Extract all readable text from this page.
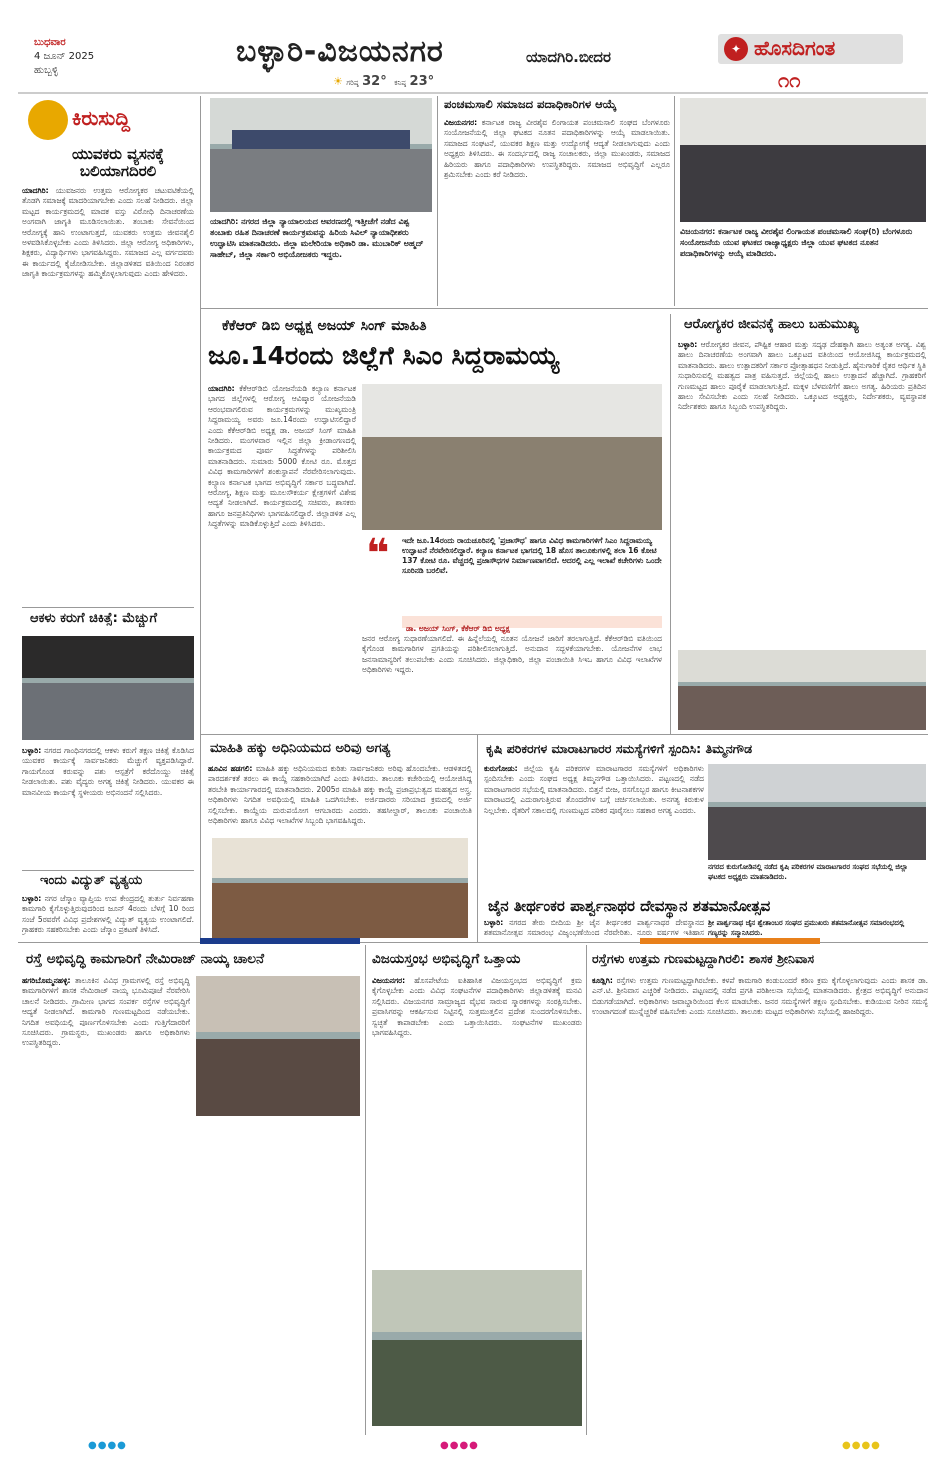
ಬುಧವಾರ
4 ಜೂನ್ 2025
ಹುಬ್ಬಳ್ಳಿ
ಬಳ್ಳಾರಿ-ವಿಜಯನಗರ	ಯಾದಗಿರಿ.ಬೀದರ
☀ ಗರಿಷ್ಠ 32° ಕನಿಷ್ಠ 23°
✦ ಹೊಸದಿಗಂತ
೧೧
ಕಿರುಸುದ್ದಿ
ಯುವಕರು ವ್ಯಸನಕ್ಕೆ ಬಲಿಯಾಗದಿರಲಿ
ಯಾದಗಿರಿ: ಯುವಜನರು ಉತ್ತಮ ಆರೋಗ್ಯಕರ ಚಟುವಟಿಕೆಯಲ್ಲಿ ತೊಡಗಿ ಸಮಾಜಕ್ಕೆ ಮಾದರಿಯಾಗಬೇಕು ಎಂದು ಸಲಹೆ ನೀಡಿದರು. ಜಿಲ್ಲಾ ಮಟ್ಟದ ಕಾರ್ಯಕ್ರಮದಲ್ಲಿ ಮಾದಕ ವಸ್ತು ವಿರೋಧಿ ದಿನಾಚರಣೆಯ ಅಂಗವಾಗಿ ಜಾಗೃತಿ ಮೂಡಿಸಲಾಯಿತು. ತಂಬಾಕು ಸೇವನೆಯಿಂದ ಆರೋಗ್ಯಕ್ಕೆ ಹಾನಿ ಉಂಟಾಗುತ್ತದೆ, ಯುವಕರು ಉತ್ತಮ ಜೀವನಶೈಲಿ ಅಳವಡಿಸಿಕೊಳ್ಳಬೇಕು ಎಂದು ತಿಳಿಸಿದರು. ಜಿಲ್ಲಾ ಆರೋಗ್ಯ ಅಧಿಕಾರಿಗಳು, ಶಿಕ್ಷಕರು, ವಿದ್ಯಾರ್ಥಿಗಳು ಭಾಗವಹಿಸಿದ್ದರು. ಸಮಾಜದ ಎಲ್ಲ ವರ್ಗದವರು ಈ ಕಾರ್ಯದಲ್ಲಿ ಕೈಜೋಡಿಸಬೇಕು. ಜಿಲ್ಲಾಡಳಿತದ ವತಿಯಿಂದ ನಿರಂತರ ಜಾಗೃತಿ ಕಾರ್ಯಕ್ರಮಗಳನ್ನು ಹಮ್ಮಿಕೊಳ್ಳಲಾಗುವುದು ಎಂದು ಹೇಳಿದರು.
ಆಕಳು ಕರುಗೆ ಚಿಕಿತ್ಸೆ: ಮೆಚ್ಚುಗೆ
ಬಳ್ಳಾರಿ: ನಗರದ ಗಾಂಧಿನಗರದಲ್ಲಿ ಆಕಳು ಕರುಗೆ ತಕ್ಷಣ ಚಿಕಿತ್ಸೆ ಕೊಡಿಸಿದ ಯುವಕರ ಕಾರ್ಯಕ್ಕೆ ಸಾರ್ವಜನಿಕರು ಮೆಚ್ಚುಗೆ ವ್ಯಕ್ತಪಡಿಸಿದ್ದಾರೆ. ಗಾಯಗೊಂಡ ಕರುವನ್ನು ಪಶು ಆಸ್ಪತ್ರೆಗೆ ಕರೆದೊಯ್ದು ಚಿಕಿತ್ಸೆ ನೀಡಲಾಯಿತು. ಪಶು ವೈದ್ಯರು ಅಗತ್ಯ ಚಿಕಿತ್ಸೆ ನೀಡಿದರು. ಯುವಕರ ಈ ಮಾನವೀಯ ಕಾರ್ಯಕ್ಕೆ ಸ್ಥಳೀಯರು ಅಭಿನಂದನೆ ಸಲ್ಲಿಸಿದರು.
ಇಂದು ವಿದ್ಯುತ್ ವ್ಯತ್ಯಯ
ಬಳ್ಳಾರಿ: ನಗರ ಜೆಸ್ಕಾಂ ವ್ಯಾಪ್ತಿಯ ಉಪ ಕೇಂದ್ರದಲ್ಲಿ ತುರ್ತು ನಿರ್ವಹಣಾ ಕಾಮಗಾರಿ ಕೈಗೊಳ್ಳುತ್ತಿರುವುದರಿಂದ ಜೂನ್ 4ರಂದು ಬೆಳಗ್ಗೆ 10 ರಿಂದ ಸಂಜೆ 5ರವರೆಗೆ ವಿವಿಧ ಪ್ರದೇಶಗಳಲ್ಲಿ ವಿದ್ಯುತ್ ವ್ಯತ್ಯಯ ಉಂಟಾಗಲಿದೆ. ಗ್ರಾಹಕರು ಸಹಕರಿಸಬೇಕು ಎಂದು ಜೆಸ್ಕಾಂ ಪ್ರಕಟಣೆ ತಿಳಿಸಿದೆ.
ಯಾದಗಿರಿ: ನಗರದ ಜಿಲ್ಲಾ ನ್ಯಾಯಾಲಯದ ಆವರಣದಲ್ಲಿ ಇತ್ತೀಚೆಗೆ ನಡೆದ ವಿಶ್ವ ತಂಬಾಕು ರಹಿತ ದಿನಾಚರಣೆ ಕಾರ್ಯಕ್ರಮವನ್ನು ಹಿರಿಯ ಸಿವಿಲ್ ನ್ಯಾಯಾಧೀಶರು ಉದ್ಘಾಟಿಸಿ ಮಾತನಾಡಿದರು. ಜಿಲ್ಲಾ ಮಲೇರಿಯಾ ಅಧಿಕಾರಿ ಡಾ. ಮುಬಾರಿಕ್ ಅಹ್ಮದ್ ಸಾಹೇಬ್, ಜಿಲ್ಲಾ ಸರ್ಕಾರಿ ಅಭಿಯೋಜಕರು ಇದ್ದರು.
ಪಂಚಮಸಾಲಿ ಸಮಾಜದ ಪದಾಧಿಕಾರಿಗಳ ಆಯ್ಕೆ
ವಿಜಯನಗರ: ಕರ್ನಾಟಕ ರಾಜ್ಯ ವೀರಶೈವ ಲಿಂಗಾಯತ ಪಂಚಮಸಾಲಿ ಸಂಘದ ಬೆಂಗಳೂರು ಸಂಯೋಜನೆಯಲ್ಲಿ ಜಿಲ್ಲಾ ಘಟಕದ ನೂತನ ಪದಾಧಿಕಾರಿಗಳನ್ನು ಆಯ್ಕೆ ಮಾಡಲಾಯಿತು. ಸಮಾಜದ ಸಂಘಟನೆ, ಯುವಕರ ಶಿಕ್ಷಣ ಮತ್ತು ಉದ್ಯೋಗಕ್ಕೆ ಆದ್ಯತೆ ನೀಡಲಾಗುವುದು ಎಂದು ಅಧ್ಯಕ್ಷರು ತಿಳಿಸಿದರು. ಈ ಸಂದರ್ಭದಲ್ಲಿ ರಾಜ್ಯ ಸಂಚಾಲಕರು, ಜಿಲ್ಲಾ ಮುಖಂಡರು, ಸಮಾಜದ ಹಿರಿಯರು ಹಾಗೂ ಪದಾಧಿಕಾರಿಗಳು ಉಪಸ್ಥಿತರಿದ್ದರು. ಸಮಾಜದ ಅಭಿವೃದ್ಧಿಗೆ ಎಲ್ಲರೂ ಶ್ರಮಿಸಬೇಕು ಎಂದು ಕರೆ ನೀಡಿದರು.
ವಿಜಯನಗರ: ಕರ್ನಾಟಕ ರಾಜ್ಯ ವೀರಶೈವ ಲಿಂಗಾಯತ ಪಂಚಮಸಾಲಿ ಸಂಘ(ರಿ) ಬೆಂಗಳೂರು ಸಂಯೋಜನೆಯ ಯುವ ಘಟಕದ ರಾಜ್ಯಾಧ್ಯಕ್ಷರು ಜಿಲ್ಲಾ ಯುವ ಘಟಕದ ನೂತನ ಪದಾಧಿಕಾರಿಗಳನ್ನು ಆಯ್ಕೆ ಮಾಡಿದರು.
ಕೆಕೆಆರ್ ಡಿಬಿ ಅಧ್ಯಕ್ಷ ಅಜಯ್ ಸಿಂಗ್ ಮಾಹಿತಿ
ಜೂ.14ರಂದು ಜಿಲ್ಲೆಗೆ ಸಿಎಂ ಸಿದ್ದರಾಮಯ್ಯ
ಯಾದಗಿರಿ: ಕೆಕೆಆರ್‌ಡಿಬಿ ಯೋಜನೆಯಡಿ ಕಲ್ಯಾಣ ಕರ್ನಾಟಕ ಭಾಗದ ಜಿಲ್ಲೆಗಳಲ್ಲಿ ಆರೋಗ್ಯ ಆವಿಷ್ಕಾರ ಯೋಜನೆಯಡಿ ಆರಂಭವಾಗಲಿರುವ ಕಾರ್ಯಕ್ರಮಗಳನ್ನು ಮುಖ್ಯಮಂತ್ರಿ ಸಿದ್ದರಾಮಯ್ಯ ಅವರು ಜೂ.14ರಂದು ಉದ್ಘಾಟಿಸಲಿದ್ದಾರೆ ಎಂದು ಕೆಕೆಆರ್‌ಡಿಬಿ ಅಧ್ಯಕ್ಷ ಡಾ. ಅಜಯ್ ಸಿಂಗ್ ಮಾಹಿತಿ ನೀಡಿದರು. ಮಂಗಳವಾರ ಇಲ್ಲಿನ ಜಿಲ್ಲಾ ಕ್ರೀಡಾಂಗಣದಲ್ಲಿ ಕಾರ್ಯಕ್ರಮದ ಪೂರ್ವ ಸಿದ್ಧತೆಗಳನ್ನು ಪರಿಶೀಲಿಸಿ ಮಾತನಾಡಿದರು. ಸುಮಾರು 5000 ಕೋಟಿ ರೂ. ಮೊತ್ತದ ವಿವಿಧ ಕಾಮಗಾರಿಗಳಿಗೆ ಶಂಕುಸ್ಥಾಪನೆ ನೆರವೇರಿಸಲಾಗುವುದು. ಕಲ್ಯಾಣ ಕರ್ನಾಟಕ ಭಾಗದ ಅಭಿವೃದ್ಧಿಗೆ ಸರ್ಕಾರ ಬದ್ಧವಾಗಿದೆ. ಆರೋಗ್ಯ, ಶಿಕ್ಷಣ ಮತ್ತು ಮೂಲಸೌಕರ್ಯ ಕ್ಷೇತ್ರಗಳಿಗೆ ವಿಶೇಷ ಆದ್ಯತೆ ನೀಡಲಾಗಿದೆ. ಕಾರ್ಯಕ್ರಮದಲ್ಲಿ ಸಚಿವರು, ಶಾಸಕರು ಹಾಗೂ ಜನಪ್ರತಿನಿಧಿಗಳು ಭಾಗವಹಿಸಲಿದ್ದಾರೆ. ಜಿಲ್ಲಾಡಳಿತ ಎಲ್ಲ ಸಿದ್ಧತೆಗಳನ್ನು ಮಾಡಿಕೊಳ್ಳುತ್ತಿದೆ ಎಂದು ತಿಳಿಸಿದರು.
❝ ಇದೇ ಜೂ.14ರಂದು ರಾಯಚೂರಿನಲ್ಲಿ 'ಪ್ರಜಾಸೌಧ' ಹಾಗೂ ವಿವಿಧ ಕಾಮಗಾರಿಗಳಿಗೆ ಸಿಎಂ ಸಿದ್ದರಾಮಯ್ಯ ಉದ್ಘಾಟನೆ ನೆರವೇರಿಸಲಿದ್ದಾರೆ. ಕಲ್ಯಾಣ ಕರ್ನಾಟಕ ಭಾಗದಲ್ಲಿ 18 ಹೊಸ ತಾಲೂಕುಗಳಲ್ಲಿ ತಲಾ 16 ಕೋಟಿ 137 ಕೋಟಿ ರೂ. ವೆಚ್ಚದಲ್ಲಿ ಪ್ರಜಾಸೌಧಗಳ ನಿರ್ಮಾಣವಾಗಲಿದೆ. ಅದರಲ್ಲಿ ಎಲ್ಲ ಇಲಾಖೆ ಕಚೇರಿಗಳು ಒಂದೇ ಸೂರಿನಡಿ ಬರಲಿವೆ.
ಡಾ. ಅಜಯ್ ಸಿಂಗ್, ಕೆಕೆಆರ್ ಡಿಬಿ ಅಧ್ಯಕ್ಷ
ಜನರ ಆರೋಗ್ಯ ಸುಧಾರಣೆಯಾಗಲಿದೆ. ಈ ಹಿನ್ನೆಲೆಯಲ್ಲಿ ನೂತನ ಯೋಜನೆ ಜಾರಿಗೆ ತರಲಾಗುತ್ತಿದೆ. ಕೆಕೆಆರ್‌ಡಿಬಿ ವತಿಯಿಂದ ಕೈಗೊಂಡ ಕಾಮಗಾರಿಗಳ ಪ್ರಗತಿಯನ್ನು ಪರಿಶೀಲಿಸಲಾಗುತ್ತಿದೆ. ಅನುದಾನ ಸದ್ಬಳಕೆಯಾಗಬೇಕು. ಯೋಜನೆಗಳ ಲಾಭ ಜನಸಾಮಾನ್ಯರಿಗೆ ತಲುಪಬೇಕು ಎಂದು ಸೂಚಿಸಿದರು. ಜಿಲ್ಲಾಧಿಕಾರಿ, ಜಿಲ್ಲಾ ಪಂಚಾಯಿತಿ ಸಿಇಒ ಹಾಗೂ ವಿವಿಧ ಇಲಾಖೆಗಳ ಅಧಿಕಾರಿಗಳು ಇದ್ದರು.
ಆರೋಗ್ಯಕರ ಜೀವನಕ್ಕೆ ಹಾಲು ಬಹುಮುಖ್ಯ
ಬಳ್ಳಾರಿ: ಆರೋಗ್ಯಕರ ಜೀವನ, ಪೌಷ್ಟಿಕ ಆಹಾರ ಮತ್ತು ಸದೃಢ ದೇಹಕ್ಕಾಗಿ ಹಾಲು ಅತ್ಯಂತ ಅಗತ್ಯ. ವಿಶ್ವ ಹಾಲು ದಿನಾಚರಣೆಯ ಅಂಗವಾಗಿ ಹಾಲು ಒಕ್ಕೂಟದ ವತಿಯಿಂದ ಆಯೋಜಿಸಿದ್ದ ಕಾರ್ಯಕ್ರಮದಲ್ಲಿ ಮಾತನಾಡಿದರು. ಹಾಲು ಉತ್ಪಾದಕರಿಗೆ ಸರ್ಕಾರ ಪ್ರೋತ್ಸಾಹಧನ ನೀಡುತ್ತಿದೆ. ಹೈನುಗಾರಿಕೆ ರೈತರ ಆರ್ಥಿಕ ಸ್ಥಿತಿ ಸುಧಾರಿಸುವಲ್ಲಿ ಮಹತ್ವದ ಪಾತ್ರ ವಹಿಸುತ್ತದೆ. ಜಿಲ್ಲೆಯಲ್ಲಿ ಹಾಲು ಉತ್ಪಾದನೆ ಹೆಚ್ಚಾಗಿದೆ. ಗ್ರಾಹಕರಿಗೆ ಗುಣಮಟ್ಟದ ಹಾಲು ಪೂರೈಕೆ ಮಾಡಲಾಗುತ್ತಿದೆ. ಮಕ್ಕಳ ಬೆಳವಣಿಗೆಗೆ ಹಾಲು ಅಗತ್ಯ. ಹಿರಿಯರು ಪ್ರತಿದಿನ ಹಾಲು ಸೇವಿಸಬೇಕು ಎಂದು ಸಲಹೆ ನೀಡಿದರು. ಒಕ್ಕೂಟದ ಅಧ್ಯಕ್ಷರು, ನಿರ್ದೇಶಕರು, ವ್ಯವಸ್ಥಾಪಕ ನಿರ್ದೇಶಕರು ಹಾಗೂ ಸಿಬ್ಬಂದಿ ಉಪಸ್ಥಿತರಿದ್ದರು.
ಮಾಹಿತಿ ಹಕ್ಕು ಅಧಿನಿಯಮದ ಅರಿವು ಅಗತ್ಯ
ಹೂವಿನ ಹಡಗಲಿ: ಮಾಹಿತಿ ಹಕ್ಕು ಅಧಿನಿಯಮದ ಕುರಿತು ಸಾರ್ವಜನಿಕರು ಅರಿವು ಹೊಂದಬೇಕು. ಆಡಳಿತದಲ್ಲಿ ಪಾರದರ್ಶಕತೆ ತರಲು ಈ ಕಾಯ್ದೆ ಸಹಕಾರಿಯಾಗಿದೆ ಎಂದು ತಿಳಿಸಿದರು. ತಾಲೂಕು ಕಚೇರಿಯಲ್ಲಿ ಆಯೋಜಿಸಿದ್ದ ತರಬೇತಿ ಕಾರ್ಯಾಗಾರದಲ್ಲಿ ಮಾತನಾಡಿದರು. 2005ರ ಮಾಹಿತಿ ಹಕ್ಕು ಕಾಯ್ದೆ ಪ್ರಜಾಪ್ರಭುತ್ವದ ಮಹತ್ವದ ಅಸ್ತ್ರ. ಅಧಿಕಾರಿಗಳು ನಿಗದಿತ ಅವಧಿಯಲ್ಲಿ ಮಾಹಿತಿ ಒದಗಿಸಬೇಕು. ಅರ್ಜಿದಾರರು ಸರಿಯಾದ ಕ್ರಮದಲ್ಲಿ ಅರ್ಜಿ ಸಲ್ಲಿಸಬೇಕು. ಕಾಯ್ದೆಯ ದುರುಪಯೋಗ ಆಗಬಾರದು ಎಂದರು. ತಹಸೀಲ್ದಾರ್, ತಾಲೂಕು ಪಂಚಾಯಿತಿ ಅಧಿಕಾರಿಗಳು ಹಾಗೂ ವಿವಿಧ ಇಲಾಖೆಗಳ ಸಿಬ್ಬಂದಿ ಭಾಗವಹಿಸಿದ್ದರು.
ಕೃಷಿ ಪರಿಕರಗಳ ಮಾರಾಟಗಾರರ ಸಮಸ್ಯೆಗಳಿಗೆ ಸ್ಪಂದಿಸಿ: ತಿಮ್ಮನಗೌಡ
ಕುರುಗೋಡು: ಜಿಲ್ಲೆಯ ಕೃಷಿ ಪರಿಕರಗಳ ಮಾರಾಟಗಾರರ ಸಮಸ್ಯೆಗಳಿಗೆ ಅಧಿಕಾರಿಗಳು ಸ್ಪಂದಿಸಬೇಕು ಎಂದು ಸಂಘದ ಅಧ್ಯಕ್ಷ ತಿಮ್ಮನಗೌಡ ಒತ್ತಾಯಿಸಿದರು. ಪಟ್ಟಣದಲ್ಲಿ ನಡೆದ ಮಾರಾಟಗಾರರ ಸಭೆಯಲ್ಲಿ ಮಾತನಾಡಿದರು. ಬಿತ್ತನೆ ಬೀಜ, ರಸಗೊಬ್ಬರ ಹಾಗೂ ಕೀಟನಾಶಕಗಳ ಮಾರಾಟದಲ್ಲಿ ಎದುರಾಗುತ್ತಿರುವ ತೊಂದರೆಗಳ ಬಗ್ಗೆ ಚರ್ಚಿಸಲಾಯಿತು. ಅನಗತ್ಯ ಕಿರುಕುಳ ನಿಲ್ಲಬೇಕು. ರೈತರಿಗೆ ಸಕಾಲದಲ್ಲಿ ಗುಣಮಟ್ಟದ ಪರಿಕರ ಪೂರೈಸಲು ಸಹಕಾರ ಅಗತ್ಯ ಎಂದರು.
ನಗರದ ಕುರುಗೋಡಿನಲ್ಲಿ ನಡೆದ ಕೃಷಿ ಪರಿಕರಗಳ ಮಾರಾಟಗಾರರ ಸಂಘದ ಸಭೆಯಲ್ಲಿ ಜಿಲ್ಲಾ ಘಟಕದ ಅಧ್ಯಕ್ಷರು ಮಾತನಾಡಿದರು.
ಜೈನ ತೀರ್ಥಂಕರ ಪಾರ್ಶ್ವನಾಥರ ದೇವಸ್ಥಾನ ಶತಮಾನೋತ್ಸವ
ಬಳ್ಳಾರಿ: ನಗರದ ತೇರು ಬೀದಿಯ ಶ್ರೀ ಜೈನ ತೀರ್ಥಂಕರ ಪಾರ್ಶ್ವನಾಥರ ದೇವಸ್ಥಾನದ ಶತಮಾನೋತ್ಸವ ಸಮಾರಂಭ ವಿಜೃಂಭಣೆಯಿಂದ ನೆರವೇರಿತು. ನೂರು ವರ್ಷಗಳ ಇತಿಹಾಸ
ಶ್ರೀ ಪಾರ್ಶ್ವನಾಥ ಜೈನ ಶ್ವೇತಾಂಬರ ಸಂಘದ ಪ್ರಮುಖರು ಶತಮಾನೋತ್ಸವ ಸಮಾರಂಭದಲ್ಲಿ ಗಣ್ಯರನ್ನು ಸನ್ಮಾನಿಸಿದರು.
ರಸ್ತೆ ಅಭಿವೃದ್ಧಿ ಕಾಮಗಾರಿಗೆ ನೇಮಿರಾಜ್ ನಾಯ್ಕ ಚಾಲನೆ
ಹಗರಿಬೊಮ್ಮನಹಳ್ಳಿ: ತಾಲೂಕಿನ ವಿವಿಧ ಗ್ರಾಮಗಳಲ್ಲಿ ರಸ್ತೆ ಅಭಿವೃದ್ಧಿ ಕಾಮಗಾರಿಗಳಿಗೆ ಶಾಸಕ ನೇಮಿರಾಜ್ ನಾಯ್ಕ ಭೂಮಿಪೂಜೆ ನೆರವೇರಿಸಿ ಚಾಲನೆ ನೀಡಿದರು. ಗ್ರಾಮೀಣ ಭಾಗದ ಸಂಪರ್ಕ ರಸ್ತೆಗಳ ಅಭಿವೃದ್ಧಿಗೆ ಆದ್ಯತೆ ನೀಡಲಾಗಿದೆ. ಕಾಮಗಾರಿ ಗುಣಮಟ್ಟದಿಂದ ನಡೆಯಬೇಕು. ನಿಗದಿತ ಅವಧಿಯಲ್ಲಿ ಪೂರ್ಣಗೊಳಿಸಬೇಕು ಎಂದು ಗುತ್ತಿಗೆದಾರರಿಗೆ ಸೂಚಿಸಿದರು. ಗ್ರಾಮಸ್ಥರು, ಮುಖಂಡರು ಹಾಗೂ ಅಧಿಕಾರಿಗಳು ಉಪಸ್ಥಿತರಿದ್ದರು.
ವಿಜಯಸ್ತಂಭ ಅಭಿವೃದ್ಧಿಗೆ ಒತ್ತಾಯ
ವಿಜಯನಗರ: ಹೊಸಪೇಟೆಯ ಐತಿಹಾಸಿಕ ವಿಜಯಸ್ತಂಭದ ಅಭಿವೃದ್ಧಿಗೆ ಕ್ರಮ ಕೈಗೊಳ್ಳಬೇಕು ಎಂದು ವಿವಿಧ ಸಂಘಟನೆಗಳ ಪದಾಧಿಕಾರಿಗಳು ಜಿಲ್ಲಾಡಳಿತಕ್ಕೆ ಮನವಿ ಸಲ್ಲಿಸಿದರು. ವಿಜಯನಗರ ಸಾಮ್ರಾಜ್ಯದ ವೈಭವ ಸಾರುವ ಸ್ಮಾರಕಗಳನ್ನು ಸಂರಕ್ಷಿಸಬೇಕು. ಪ್ರವಾಸಿಗರನ್ನು ಆಕರ್ಷಿಸುವ ನಿಟ್ಟಿನಲ್ಲಿ ಸುತ್ತಮುತ್ತಲಿನ ಪ್ರದೇಶ ಸುಂದರಗೊಳಿಸಬೇಕು. ಸ್ವಚ್ಛತೆ ಕಾಪಾಡಬೇಕು ಎಂದು ಒತ್ತಾಯಿಸಿದರು. ಸಂಘಟನೆಗಳ ಮುಖಂಡರು ಭಾಗವಹಿಸಿದ್ದರು.
ರಸ್ತೆಗಳು ಉತ್ತಮ ಗುಣಮಟ್ಟದ್ದಾಗಿರಲಿ: ಶಾಸಕ ಶ್ರೀನಿವಾಸ
ಕೂಡ್ಲಿಗಿ: ರಸ್ತೆಗಳು ಉತ್ತಮ ಗುಣಮಟ್ಟದ್ದಾಗಿರಬೇಕು. ಕಳಪೆ ಕಾಮಗಾರಿ ಕಂಡುಬಂದರೆ ಕಠಿಣ ಕ್ರಮ ಕೈಗೊಳ್ಳಲಾಗುವುದು ಎಂದು ಶಾಸಕ ಡಾ. ಎನ್.ಟಿ. ಶ್ರೀನಿವಾಸ ಎಚ್ಚರಿಕೆ ನೀಡಿದರು. ಪಟ್ಟಣದಲ್ಲಿ ನಡೆದ ಪ್ರಗತಿ ಪರಿಶೀಲನಾ ಸಭೆಯಲ್ಲಿ ಮಾತನಾಡಿದರು. ಕ್ಷೇತ್ರದ ಅಭಿವೃದ್ಧಿಗೆ ಅನುದಾನ ಬಿಡುಗಡೆಯಾಗಿದೆ. ಅಧಿಕಾರಿಗಳು ಜವಾಬ್ದಾರಿಯಿಂದ ಕೆಲಸ ಮಾಡಬೇಕು. ಜನರ ಸಮಸ್ಯೆಗಳಿಗೆ ತಕ್ಷಣ ಸ್ಪಂದಿಸಬೇಕು. ಕುಡಿಯುವ ನೀರಿನ ಸಮಸ್ಯೆ ಉಂಟಾಗದಂತೆ ಮುನ್ನೆಚ್ಚರಿಕೆ ವಹಿಸಬೇಕು ಎಂದು ಸೂಚಿಸಿದರು. ತಾಲೂಕು ಮಟ್ಟದ ಅಧಿಕಾರಿಗಳು ಸಭೆಯಲ್ಲಿ ಹಾಜರಿದ್ದರು.
●●●●	●●●●	●●●●
